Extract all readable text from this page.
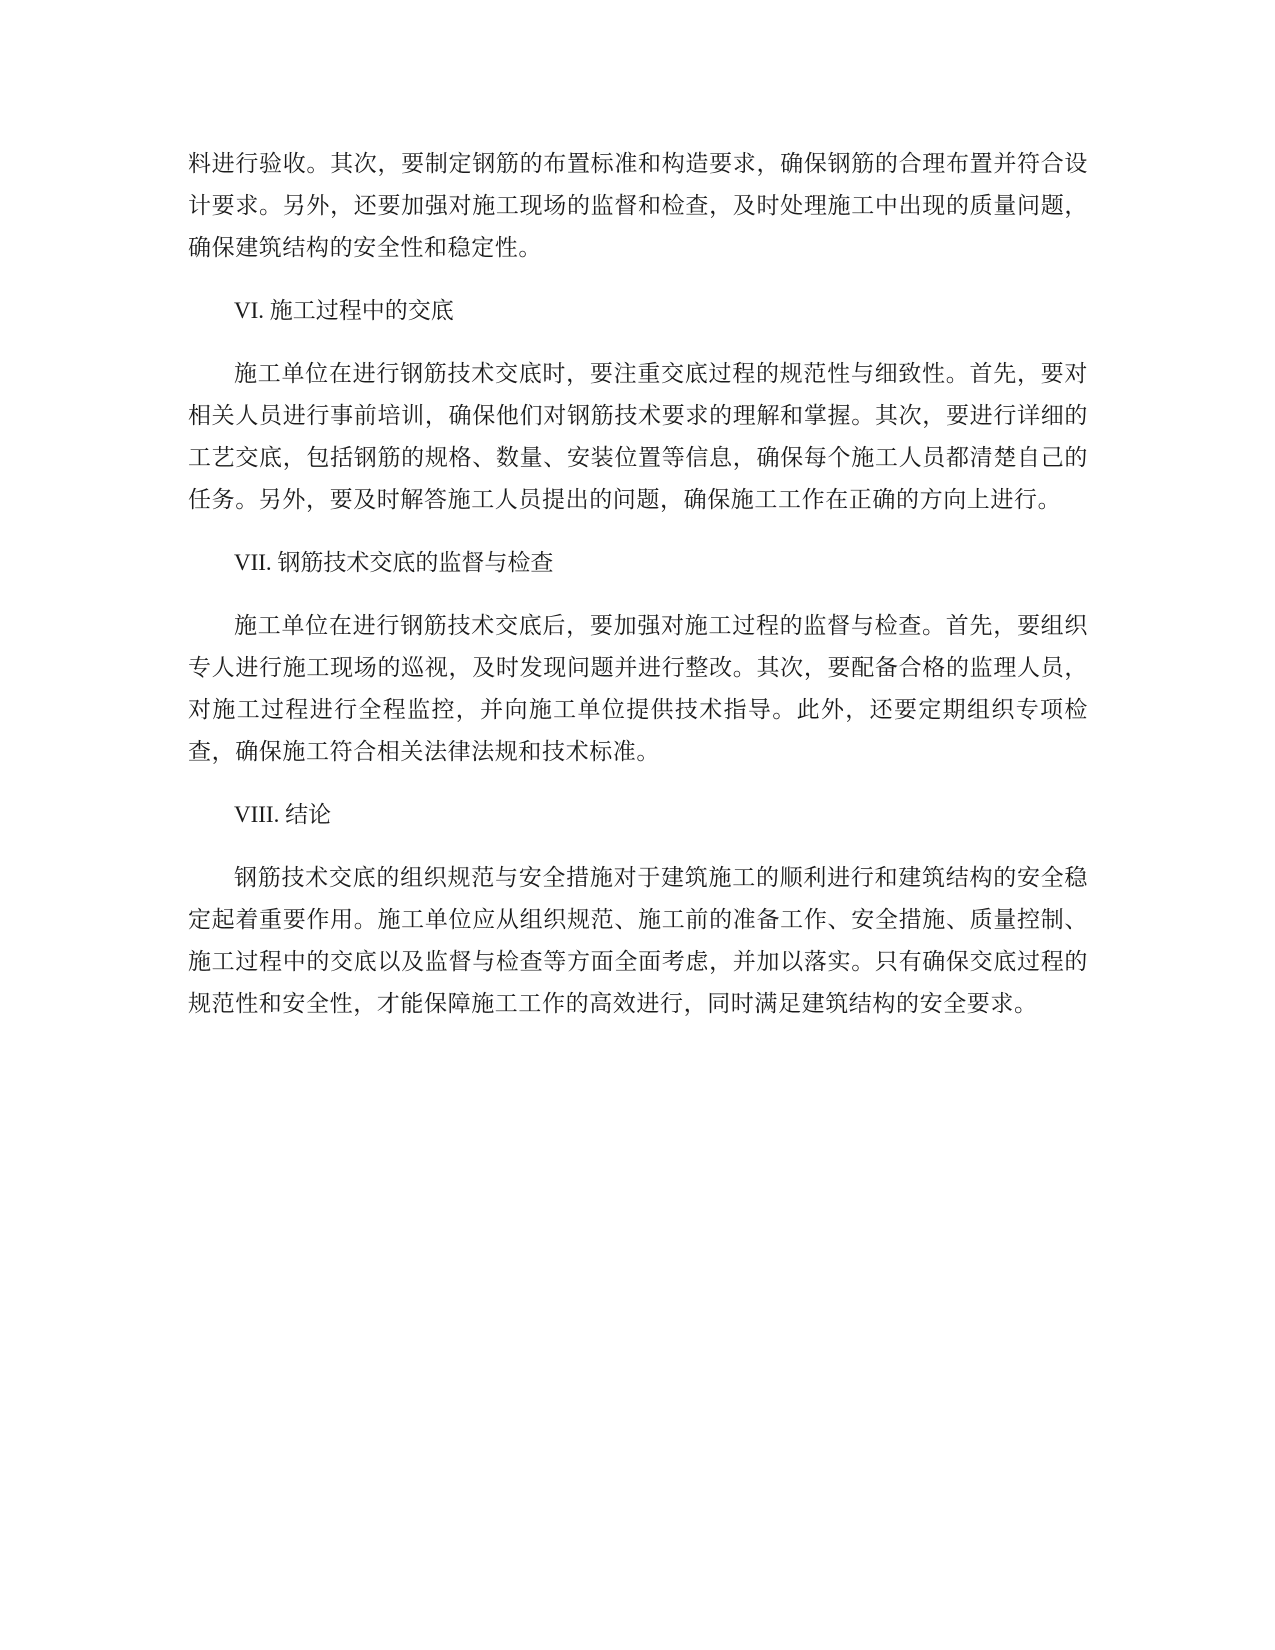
料进行验收。其次，要制定钢筋的布置标准和构造要求，确保钢筋的合理布置并符合设计要求。另外，还要加强对施工现场的监督和检查，及时处理施工中出现的质量问题，确保建筑结构的安全性和稳定性。

VI. 施工过程中的交底

施工单位在进行钢筋技术交底时，要注重交底过程的规范性与细致性。首先，要对相关人员进行事前培训，确保他们对钢筋技术要求的理解和掌握。其次，要进行详细的工艺交底，包括钢筋的规格、数量、安装位置等信息，确保每个施工人员都清楚自己的任务。另外，要及时解答施工人员提出的问题，确保施工工作在正确的方向上进行。

VII. 钢筋技术交底的监督与检查

施工单位在进行钢筋技术交底后，要加强对施工过程的监督与检查。首先，要组织专人进行施工现场的巡视，及时发现问题并进行整改。其次，要配备合格的监理人员，对施工过程进行全程监控，并向施工单位提供技术指导。此外，还要定期组织专项检查，确保施工符合相关法律法规和技术标准。

VIII. 结论

钢筋技术交底的组织规范与安全措施对于建筑施工的顺利进行和建筑结构的安全稳定起着重要作用。施工单位应从组织规范、施工前的准备工作、安全措施、质量控制、施工过程中的交底以及监督与检查等方面全面考虑，并加以落实。只有确保交底过程的规范性和安全性，才能保障施工工作的高效进行，同时满足建筑结构的安全要求。
